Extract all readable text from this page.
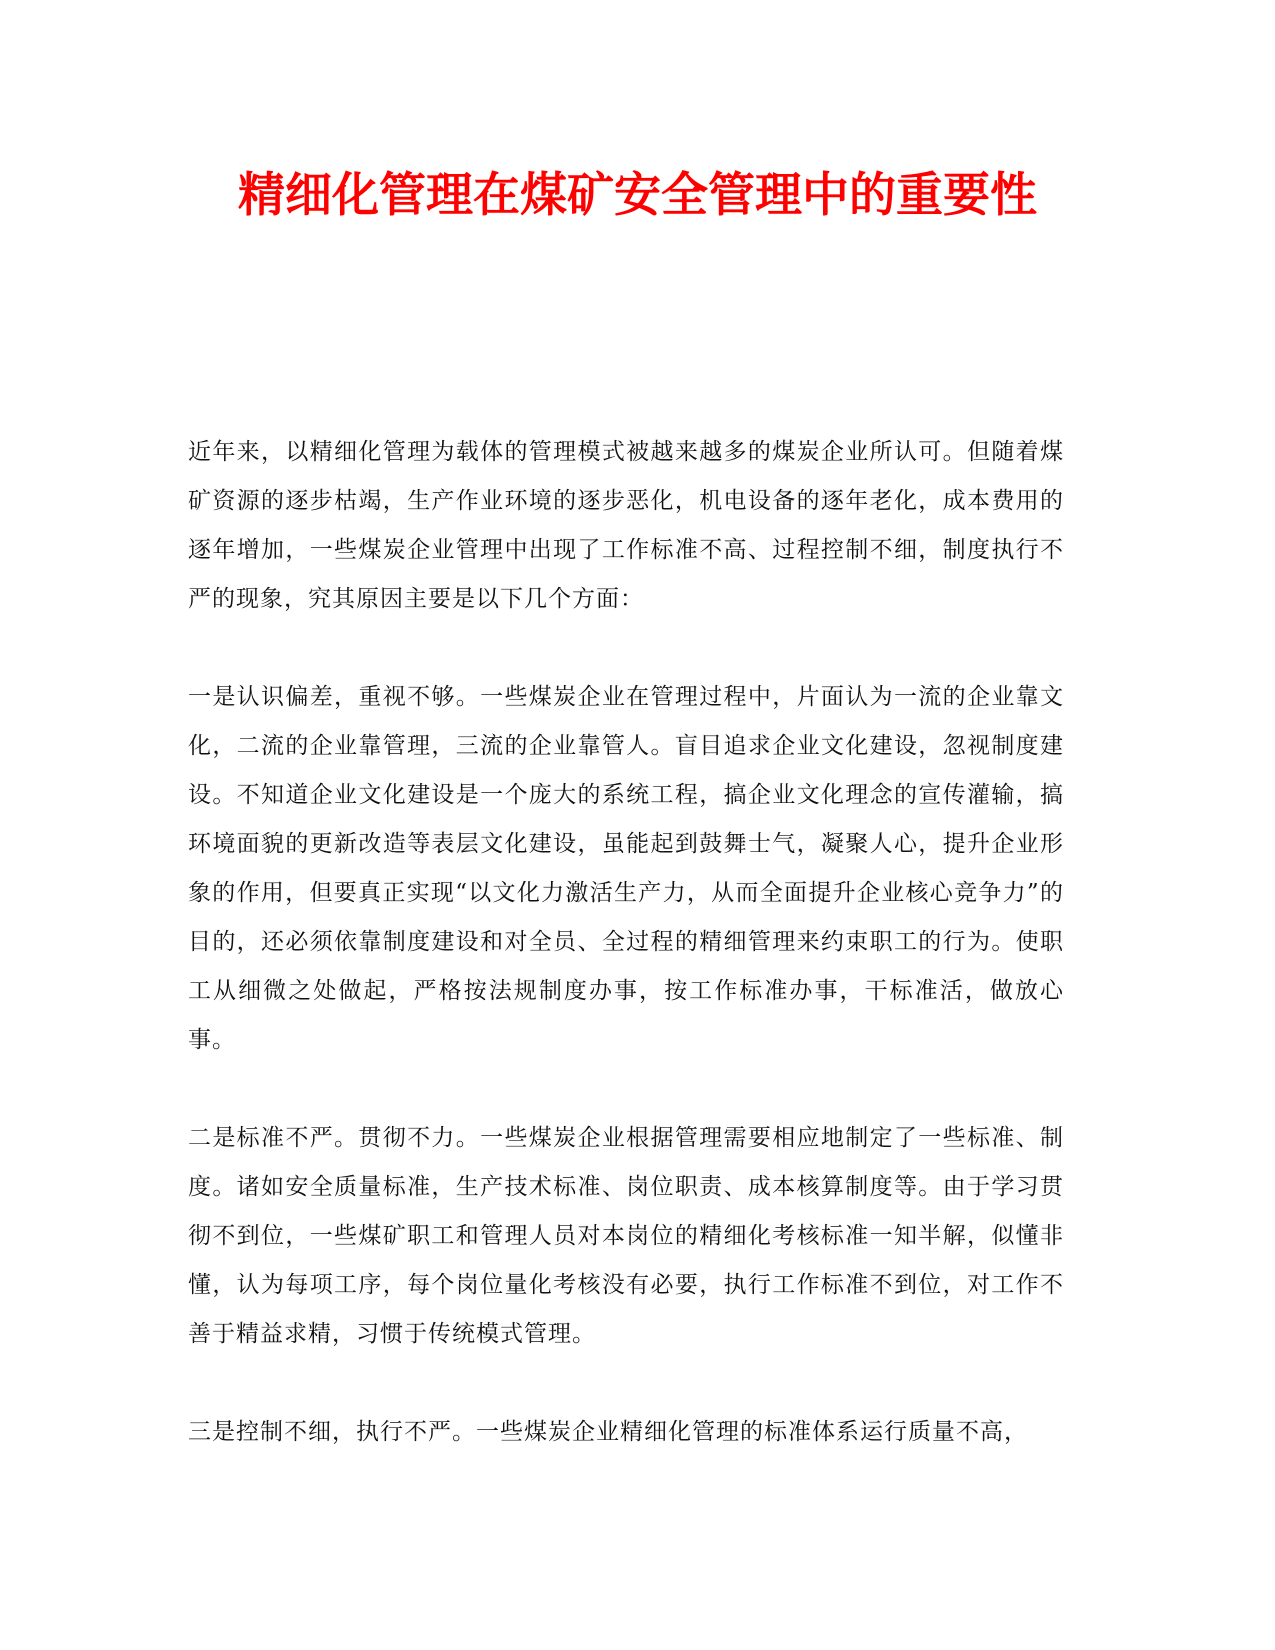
精细化管理在煤矿安全管理中的重要性

近年来，以精细化管理为载体的管理模式被越来越多的煤炭企业所认可。但随着煤矿资源的逐步枯竭，生产作业环境的逐步恶化，机电设备的逐年老化，成本费用的逐年增加，一些煤炭企业管理中出现了工作标准不高、过程控制不细，制度执行不严的现象，究其原因主要是以下几个方面：

一是认识偏差，重视不够。一些煤炭企业在管理过程中，片面认为一流的企业靠文化，二流的企业靠管理，三流的企业靠管人。盲目追求企业文化建设，忽视制度建设。不知道企业文化建设是一个庞大的系统工程，搞企业文化理念的宣传灌输，搞环境面貌的更新改造等表层文化建设，虽能起到鼓舞士气，凝聚人心，提升企业形象的作用，但要真正实现“以文化力激活生产力，从而全面提升企业核心竞争力”的目的，还必须依靠制度建设和对全员、全过程的精细管理来约束职工的行为。使职工从细微之处做起，严格按法规制度办事，按工作标准办事，干标准活，做放心事。

二是标准不严。贯彻不力。一些煤炭企业根据管理需要相应地制定了一些标准、制度。诸如安全质量标准，生产技术标准、岗位职责、成本核算制度等。由于学习贯彻不到位，一些煤矿职工和管理人员对本岗位的精细化考核标准一知半解，似懂非懂，认为每项工序，每个岗位量化考核没有必要，执行工作标准不到位，对工作不善于精益求精，习惯于传统模式管理。

三是控制不细，执行不严。一些煤炭企业精细化管理的标准体系运行质量不高，
